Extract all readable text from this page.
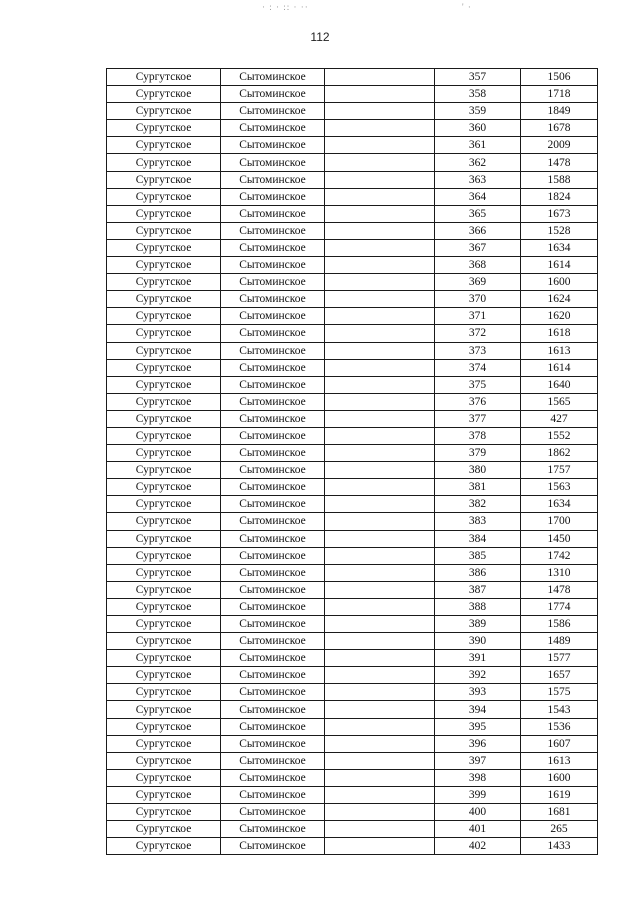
· : · :: · ··	' ·
112
Сургутское	Сытоминское		357	1506
Сургутское	Сытоминское		358	1718
Сургутское	Сытоминское		359	1849
Сургутское	Сытоминское		360	1678
Сургутское	Сытоминское		361	2009
Сургутское	Сытоминское		362	1478
Сургутское	Сытоминское		363	1588
Сургутское	Сытоминское		364	1824
Сургутское	Сытоминское		365	1673
Сургутское	Сытоминское		366	1528
Сургутское	Сытоминское		367	1634
Сургутское	Сытоминское		368	1614
Сургутское	Сытоминское		369	1600
Сургутское	Сытоминское		370	1624
Сургутское	Сытоминское		371	1620
Сургутское	Сытоминское		372	1618
Сургутское	Сытоминское		373	1613
Сургутское	Сытоминское		374	1614
Сургутское	Сытоминское		375	1640
Сургутское	Сытоминское		376	1565
Сургутское	Сытоминское		377	427
Сургутское	Сытоминское		378	1552
Сургутское	Сытоминское		379	1862
Сургутское	Сытоминское		380	1757
Сургутское	Сытоминское		381	1563
Сургутское	Сытоминское		382	1634
Сургутское	Сытоминское		383	1700
Сургутское	Сытоминское		384	1450
Сургутское	Сытоминское		385	1742
Сургутское	Сытоминское		386	1310
Сургутское	Сытоминское		387	1478
Сургутское	Сытоминское		388	1774
Сургутское	Сытоминское		389	1586
Сургутское	Сытоминское		390	1489
Сургутское	Сытоминское		391	1577
Сургутское	Сытоминское		392	1657
Сургутское	Сытоминское		393	1575
Сургутское	Сытоминское		394	1543
Сургутское	Сытоминское		395	1536
Сургутское	Сытоминское		396	1607
Сургутское	Сытоминское		397	1613
Сургутское	Сытоминское		398	1600
Сургутское	Сытоминское		399	1619
Сургутское	Сытоминское		400	1681
Сургутское	Сытоминское		401	265
Сургутское	Сытоминское		402	1433
